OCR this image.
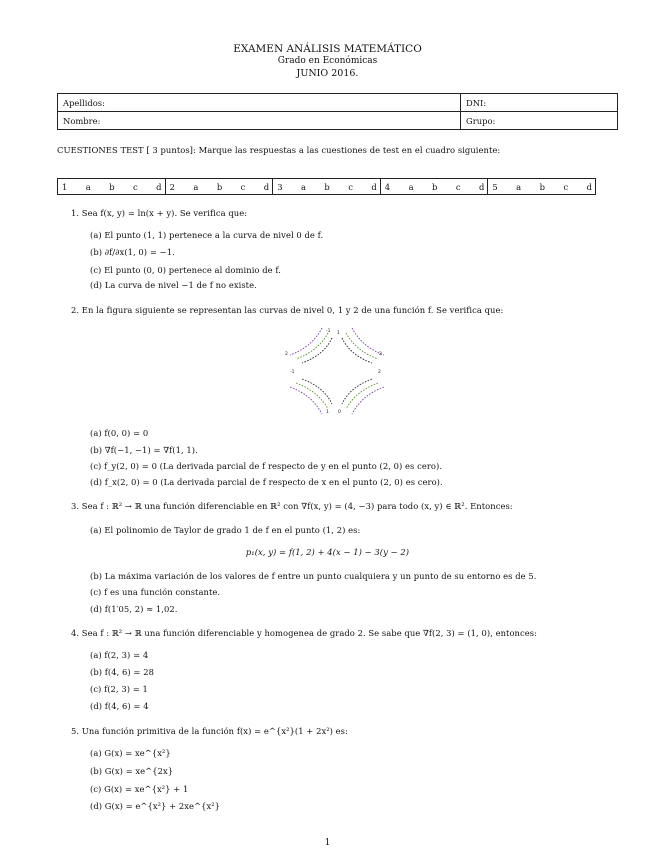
EXAMEN ANÁLISIS MATEMÁTICO
Grado en Económicas
JUNIO 2016.
Apellidos:	DNI:
Nombre:	Grupo:
CUESTIONES TEST [ 3 puntos]: Marque las respuestas a las cuestiones de test en el cuadro siguiente:
1 a b c d	2 a b c d	3 a b c d	4 a b c d	5 a b c d
1. Sea f(x, y) = ln(x + y). Se verifica que:
(a) El punto (1, 1) pertenece a la curva de nivel 0 de f.
(b) ∂f/∂x(1, 0) = −1.
(c) El punto (0, 0) pertenece al dominio de f.
(d) La curva de nivel −1 de f no existe.
2. En la figura siguiente se representan las curvas de nivel 0, 1 y 2 de una función f. Se verifica que:
-1 1
2	2
-1	2
1 0
(a) f(0, 0) = 0
(b) ∇f(−1, −1) = ∇f(1, 1).
(c) f_y(2, 0) = 0 (La derivada parcial de f respecto de y en el punto (2, 0) es cero).
(d) f_x(2, 0) = 0 (La derivada parcial de f respecto de x en el punto (2, 0) es cero).
3. Sea f : ℝ² → ℝ una función diferenciable en ℝ² con ∇f(x, y) = (4, −3) para todo (x, y) ∈ ℝ². Entonces:
(a) El polinomio de Taylor de grado 1 de f en el punto (1, 2) es:
p₁(x, y) = f(1, 2) + 4(x − 1) − 3(y − 2)
(b) La máxima variación de los valores de f entre un punto cualquiera y un punto de su entorno es de 5.
(c) f es una función constante.
(d) f(1′05, 2) ≈ 1,02.
4. Sea f : ℝ² → ℝ una función diferenciable y homogenea de grado 2. Se sabe que ∇f(2, 3) = (1, 0), entonces:
(a) f(2, 3) = 4
(b) f(4, 6) = 28
(c) f(2, 3) = 1
(d) f(4, 6) = 4
5. Una función primitiva de la función f(x) = e^{x²}(1 + 2x²) es:
(a) G(x) = xe^{x²}
(b) G(x) = xe^{2x}
(c) G(x) = xe^{x²} + 1
(d) G(x) = e^{x²} + 2xe^{x²}
1
